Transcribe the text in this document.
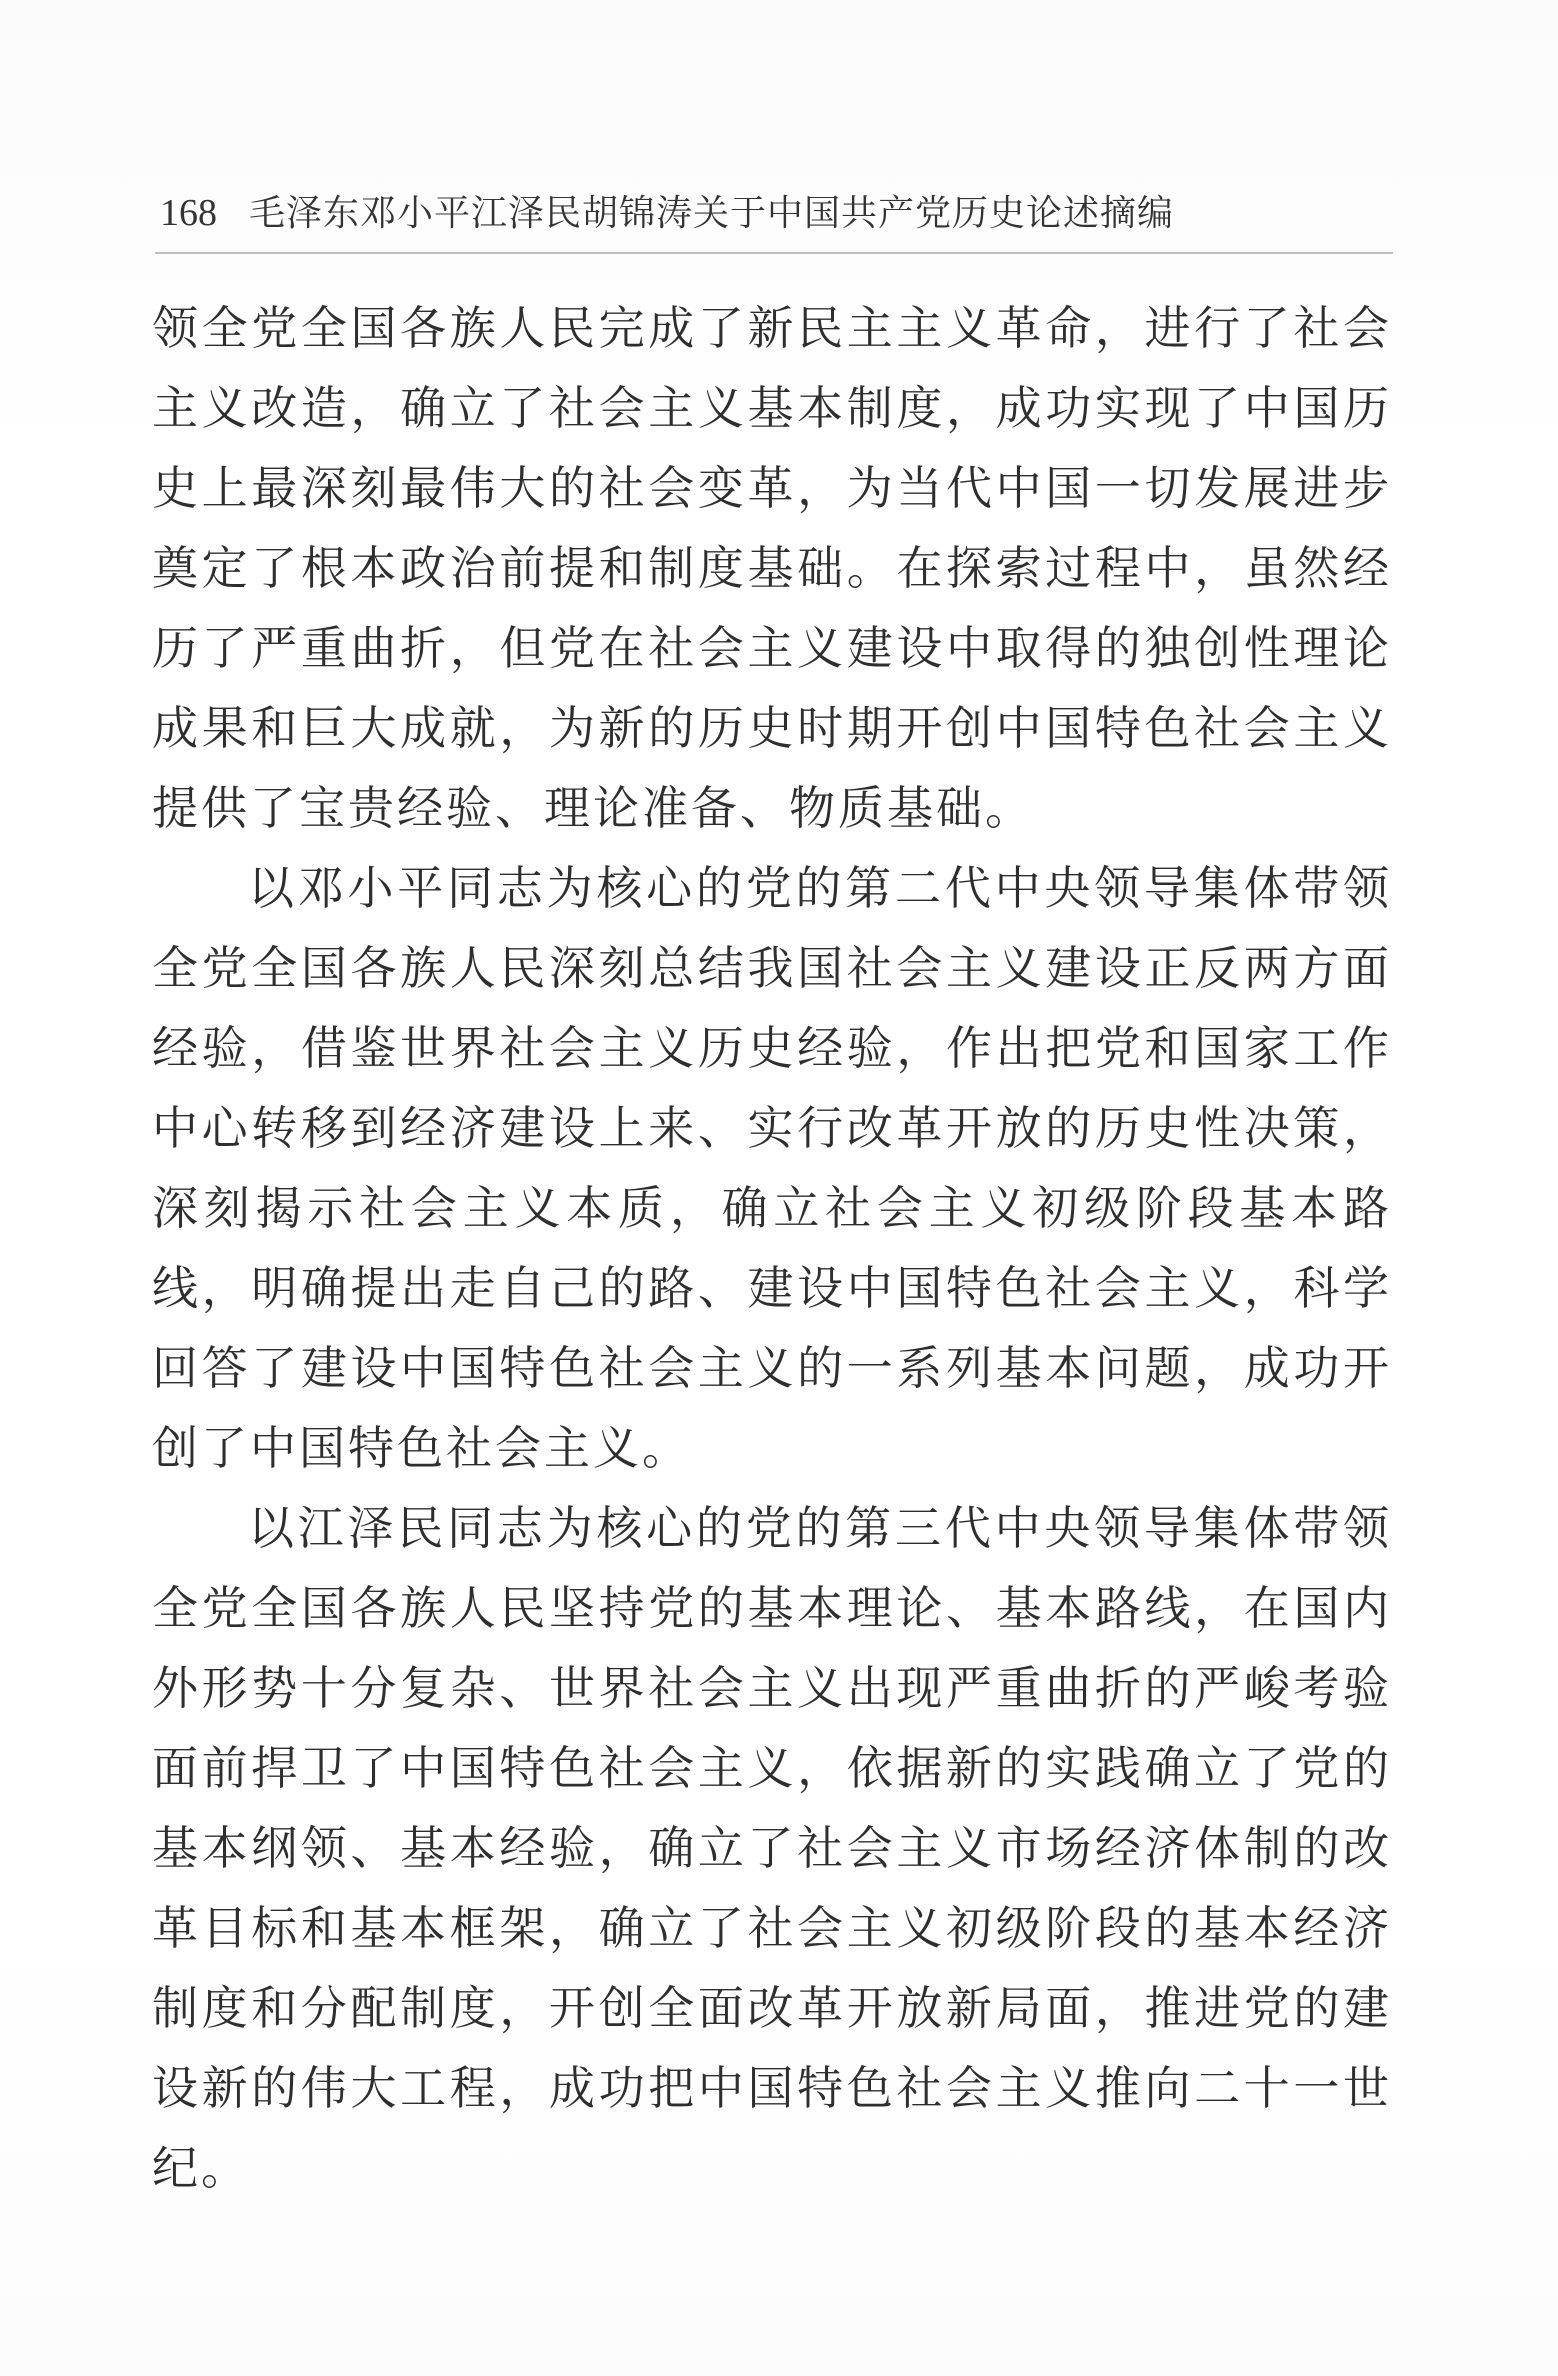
168 毛泽东邓小平江泽民胡锦涛关于中国共产党历史论述摘编

领全党全国各族人民完成了新民主主义革命，进行了社会主义改造，确立了社会主义基本制度，成功实现了中国历史上最深刻最伟大的社会变革，为当代中国一切发展进步奠定了根本政治前提和制度基础。在探索过程中，虽然经历了严重曲折，但党在社会主义建设中取得的独创性理论成果和巨大成就，为新的历史时期开创中国特色社会主义提供了宝贵经验、理论准备、物质基础。

以邓小平同志为核心的党的第二代中央领导集体带领全党全国各族人民深刻总结我国社会主义建设正反两方面经验，借鉴世界社会主义历史经验，作出把党和国家工作中心转移到经济建设上来、实行改革开放的历史性决策，深刻揭示社会主义本质，确立社会主义初级阶段基本路线，明确提出走自己的路、建设中国特色社会主义，科学回答了建设中国特色社会主义的一系列基本问题，成功开创了中国特色社会主义。

以江泽民同志为核心的党的第三代中央领导集体带领全党全国各族人民坚持党的基本理论、基本路线，在国内外形势十分复杂、世界社会主义出现严重曲折的严峻考验面前捍卫了中国特色社会主义，依据新的实践确立了党的基本纲领、基本经验，确立了社会主义市场经济体制的改革目标和基本框架，确立了社会主义初级阶段的基本经济制度和分配制度，开创全面改革开放新局面，推进党的建设新的伟大工程，成功把中国特色社会主义推向二十一世纪。
